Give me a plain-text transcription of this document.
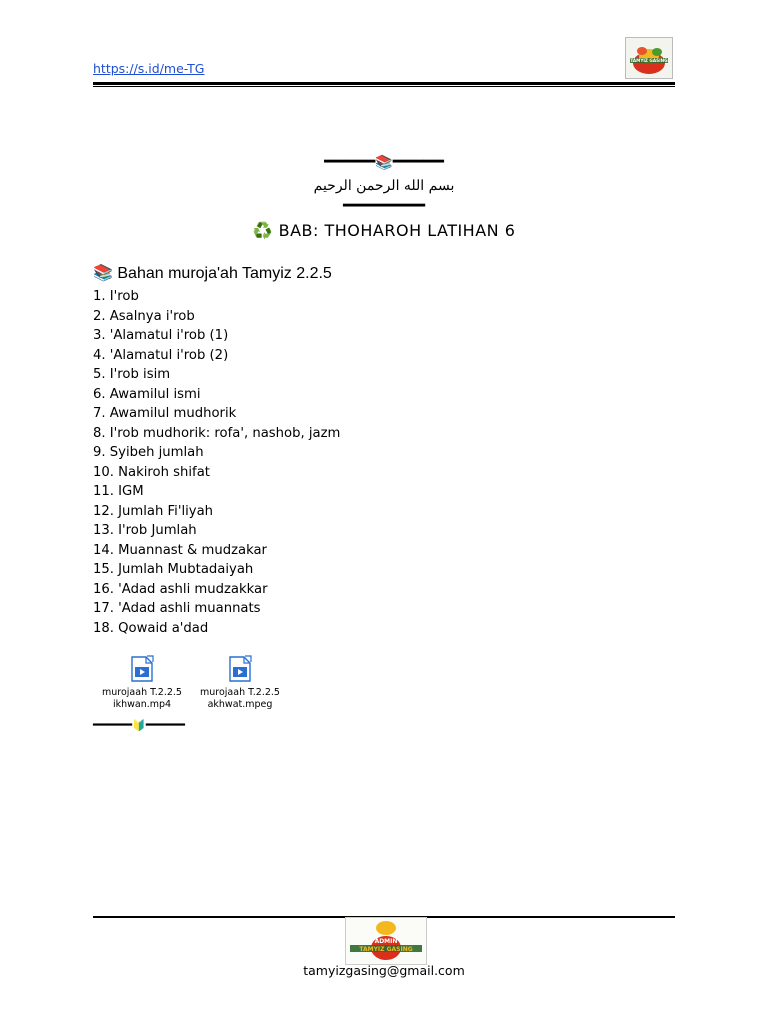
https://s.id/me-TG
TAMYIZ GASING
━━━━━📚━━━━━
بسم الله الرحمن الرحيم
━━━━━━━━
♻️ BAB: THOHAROH LATIHAN 6
📚 Bahan muroja'ah Tamyiz 2.2.5
1. I'rob
2. Asalnya i'rob
3. 'Alamatul i'rob (1)
4. 'Alamatul i'rob (2)
5. I'rob isim
6. Awamilul ismi
7. Awamilul mudhorik
8. I'rob mudhorik: rofa', nashob, jazm
9. Syibeh jumlah
10. Nakiroh shifat
11. IGM
12. Jumlah Fi'liyah
13. I'rob Jumlah
14. Muannast & mudzakar
15. Jumlah Mubtadaiyah
16. 'Adad ashli mudzakkar
17. 'Adad ashli muannats
18. Qowaid a'dad
murojaah T.2.2.5
ikhwan.mp4
murojaah T.2.2.5
akhwat.mpeg
━━━━━🔰━━━━━
ADMIN
TAMYIZ GASING
tamyizgasing@gmail.com
